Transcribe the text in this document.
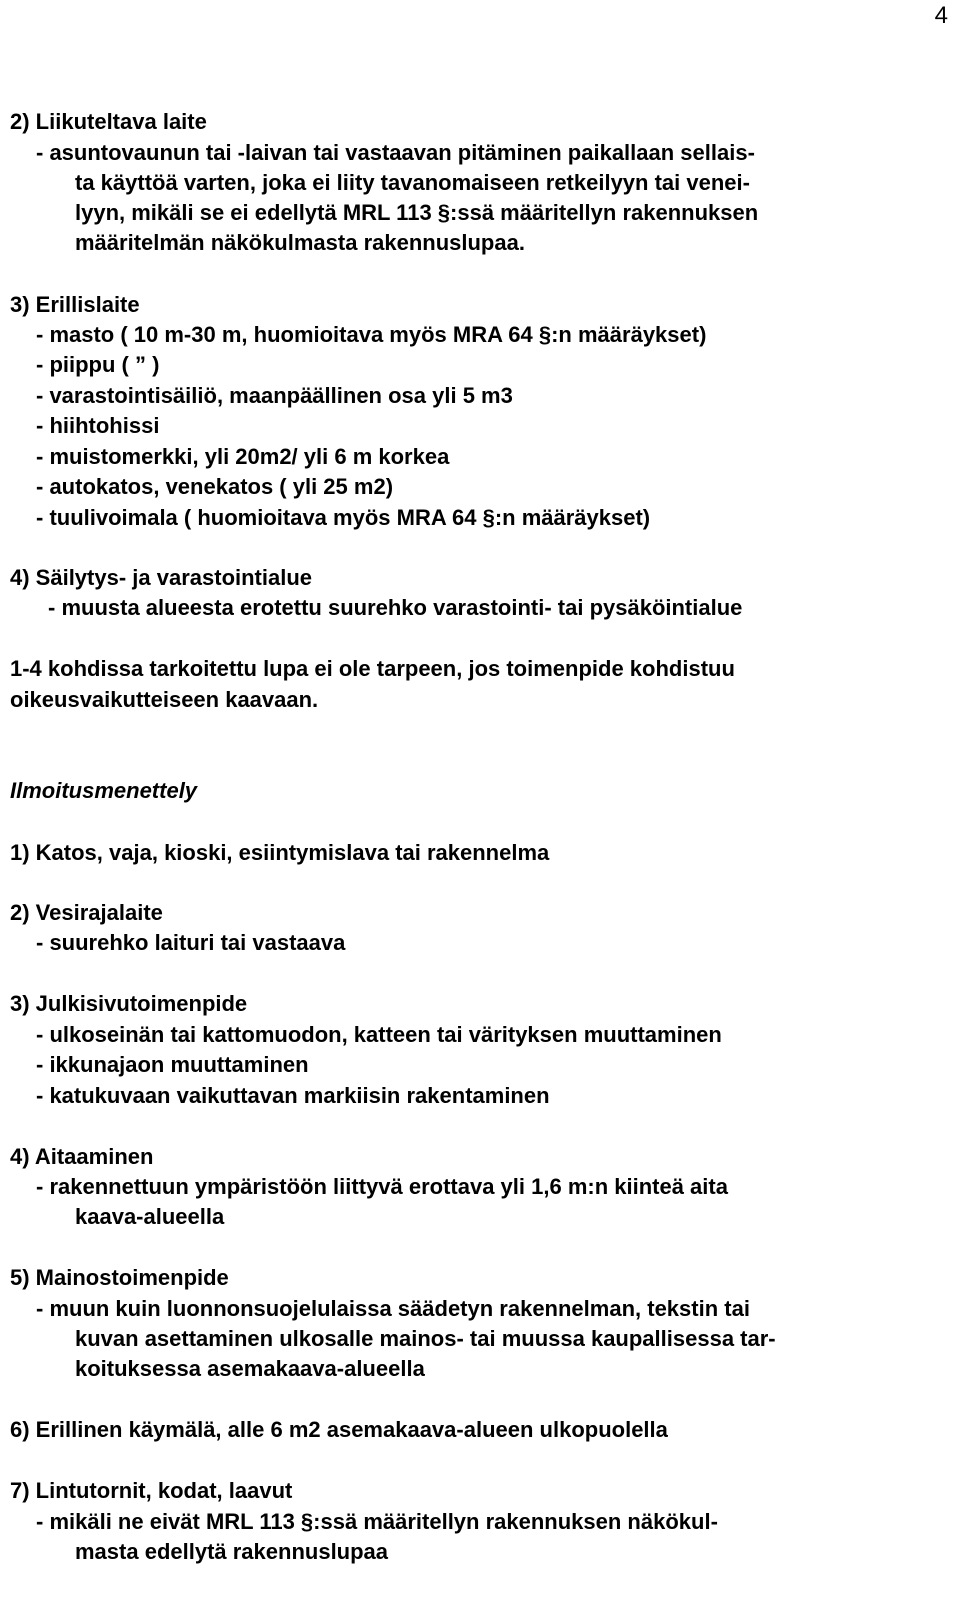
4
2) Liikuteltava laite
- asuntovaunun tai -laivan tai vastaavan pitäminen paikallaan sellais-
ta käyttöä varten, joka ei liity tavanomaiseen retkeilyyn tai venei-
lyyn, mikäli se ei edellytä MRL 113 §:ssä määritellyn rakennuksen
määritelmän näkökulmasta rakennuslupaa.
3) Erillislaite
- masto ( 10 m-30 m, huomioitava myös MRA 64 §:n määräykset)
- piippu ( ” )
- varastointisäiliö, maanpäällinen osa yli 5 m3
- hiihtohissi
- muistomerkki, yli 20m2/ yli 6 m korkea
- autokatos, venekatos ( yli 25 m2)
- tuulivoimala ( huomioitava myös MRA 64 §:n määräykset)
4) Säilytys- ja varastointialue
- muusta alueesta erotettu suurehko varastointi- tai pysäköintialue
1-4 kohdissa tarkoitettu lupa ei ole tarpeen, jos toimenpide kohdistuu
oikeusvaikutteiseen kaavaan.
Ilmoitusmenettely
1) Katos, vaja, kioski, esiintymislava tai rakennelma
2) Vesirajalaite
- suurehko laituri tai vastaava
3) Julkisivutoimenpide
- ulkoseinän tai kattomuodon, katteen tai värityksen muuttaminen
- ikkunajaon muuttaminen
- katukuvaan vaikuttavan markiisin rakentaminen
4) Aitaaminen
- rakennettuun ympäristöön liittyvä erottava yli 1,6 m:n kiinteä aita
kaava-alueella
5) Mainostoimenpide
- muun kuin luonnonsuojelulaissa säädetyn rakennelman, tekstin tai
kuvan asettaminen ulkosalle mainos- tai muussa kaupallisessa tar-
koituksessa asemakaava-alueella
6) Erillinen käymälä, alle 6 m2 asemakaava-alueen ulkopuolella
7) Lintutornit, kodat, laavut
- mikäli ne eivät MRL 113 §:ssä määritellyn rakennuksen näkökul-
masta edellytä rakennuslupaa
